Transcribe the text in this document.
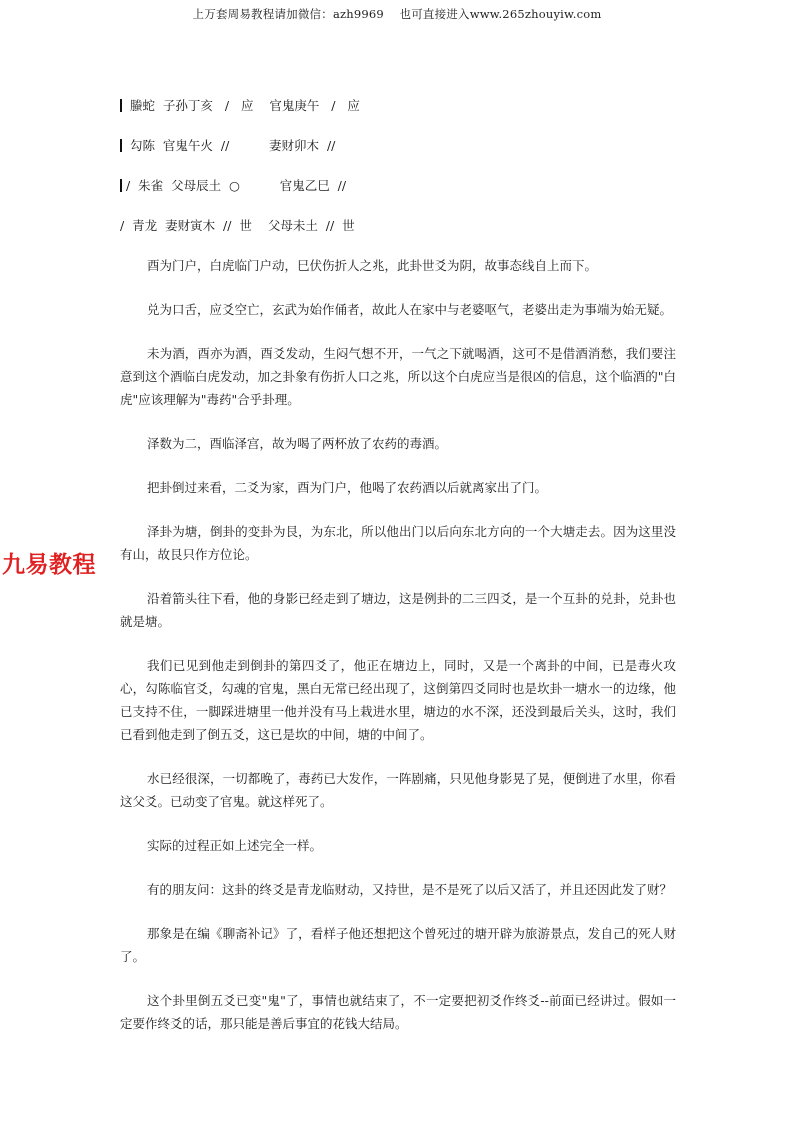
上万套周易教程请加微信：azh9969　 也可直接进入www.265zhouyiw.com
螣蛇  子孙丁亥   /   应    官鬼庚午   /   应
勾陈  官鬼午火  //          妻财卯木  //
/  朱雀  父母辰土  ○          官鬼乙巳  //
/  青龙  妻财寅木  //  世    父母未土  //  世
九易教程

酉为门户，白虎临门户动，巳伏伤折人之兆，此卦世爻为阴，故事态线自上而下。

兑为口舌，应爻空亡，玄武为始作俑者，故此人在家中与老婆呕气，老婆出走为事端为始无疑。

未为酒，酉亦为酒，酉爻发动，生闷气想不开，一气之下就喝酒，这可不是借酒消愁，我们要注意到这个酒临白虎发动，加之卦象有伤折人口之兆，所以这个白虎应当是很凶的信息，这个临酒的"白虎"应该理解为"毒药"合乎卦理。

泽数为二，酉临泽宫，故为喝了两杯放了农药的毒酒。

把卦倒过来看，二爻为家，酉为门户，他喝了农药酒以后就离家出了门。

泽卦为塘，倒卦的变卦为艮，为东北，所以他出门以后向东北方向的一个大塘走去。因为这里没有山，故艮只作方位论。

沿着箭头往下看，他的身影已经走到了塘边，这是例卦的二三四爻，是一个互卦的兑卦，兑卦也就是塘。

我们已见到他走到倒卦的第四爻了，他正在塘边上，同时，又是一个离卦的中间，已是毒火攻心，勾陈临官爻，勾魂的官鬼，黑白无常已经出现了，这倒第四爻同时也是坎卦一塘水一的边缘，他已支持不住，一脚踩进塘里一他并没有马上栽进水里，塘边的水不深，还没到最后关头，这时，我们已看到他走到了倒五爻，这已是坎的中间，塘的中间了。

水已经很深，一切都晚了，毒药已大发作，一阵剧痛，只见他身影晃了晃，便倒进了水里，你看这父爻。已动变了官鬼。就这样死了。

实际的过程正如上述完全一样。

有的朋友问：这卦的终爻是青龙临财动，又持世，是不是死了以后又活了，并且还因此发了财？

那象是在编《聊斋补记》了，看样子他还想把这个曾死过的塘开辟为旅游景点，发自己的死人财了。

这个卦里倒五爻已变"鬼"了，事情也就结束了，不一定要把初爻作终爻--前面已经讲过。假如一定要作终爻的话，那只能是善后事宜的花钱大结局。
